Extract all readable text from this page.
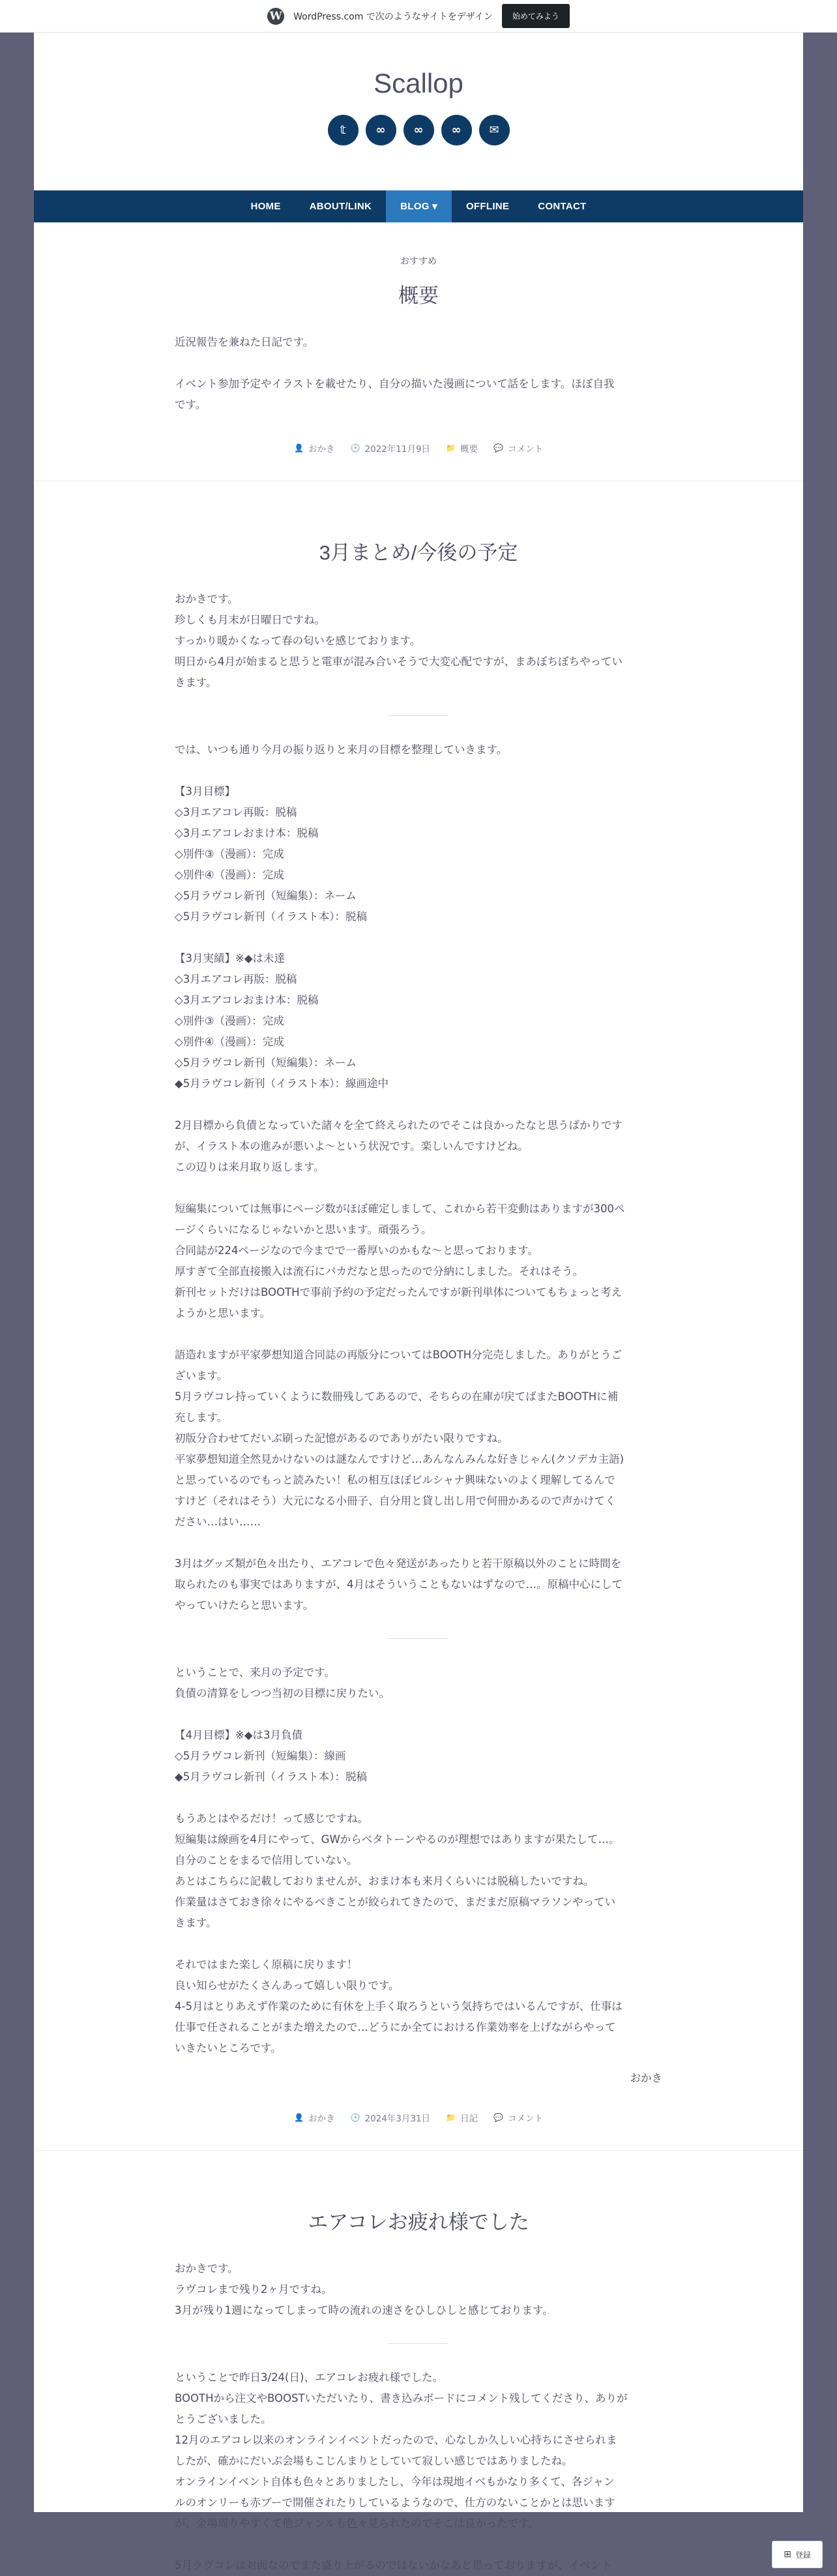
W WordPress.com で次のようなサイトをデザイン	始めてみよう
Scallop
𝕥	∞	∞	∞	✉
HOME	ABOUT/LINK	BLOG ▾	OFFLINE	CONTACT
おすすめ
概要
近況報告を兼ねた日記です。
イベント参加予定やイラストを載せたり、自分の描いた漫画について話をします。ほぼ自我
です。
👤 おかき 🕒 2022年11月9日 📁 概要 💬 コメント
3月まとめ/今後の予定
おかきです。
珍しくも月末が日曜日ですね。
すっかり暖かくなって春の匂いを感じております。
明日から4月が始まると思うと電車が混み合いそうで大変心配ですが、まあぼちぼちやってい
きます。
では、いつも通り今月の振り返りと来月の目標を整理していきます。
【3月目標】
◇3月エアコレ再販：脱稿
◇3月エアコレおまけ本：脱稿
◇別件③（漫画）：完成
◇別件④（漫画）：完成
◇5月ラヴコレ新刊（短編集）：ネーム
◇5月ラヴコレ新刊（イラスト本）：脱稿
【3月実績】※◆は未達
◇3月エアコレ再版：脱稿
◇3月エアコレおまけ本：脱稿
◇別件③（漫画）：完成
◇別件④（漫画）：完成
◇5月ラヴコレ新刊（短編集）：ネーム
◆5月ラヴコレ新刊（イラスト本）：線画途中
2月目標から負債となっていた諸々を全て終えられたのでそこは良かったなと思うばかりです
が、イラスト本の進みが悪いよ～という状況です。楽しいんですけどね。
この辺りは来月取り返します。
短編集については無事にページ数がほぼ確定しまして、これから若干変動はありますが300ペ
ージくらいになるじゃないかと思います。頑張ろう。
合同誌が224ページなので今までで一番厚いのかもな～と思っております。
厚すぎて全部直接搬入は流石にバカだなと思ったので分納にしました。それはそう。
新刊セットだけはBOOTHで事前予約の予定だったんですが新刊単体についてもちょっと考え
ようかと思います。
語造れますが平家夢想知道合同誌の再版分についてはBOOTH分完売しました。ありがとうご
ざいます。
5月ラヴコレ持っていくように数冊残してあるので、そちらの在庫が戻てばまたBOOTHに補
充します。
初版分合わせてだいぶ刷った記憶があるのでありがたい限りですね。
平家夢想知道全然見かけないのは謎なんですけど…あんなんみんな好きじゃん(クソデカ主語)
と思っているのでもっと読みたい！私の相互ほぼビルシャナ興味ないのよく理解してるんで
すけど（それはそう）大元になる小冊子、自分用と貸し出し用で何冊かあるので声かけてく
ださい…はい……
3月はグッズ類が色々出たり、エアコレで色々発送があったりと若干原稿以外のことに時間を
取られたのも事実ではありますが、4月はそういうこともないはずなので…。原稿中心にして
やっていけたらと思います。
ということで、来月の予定です。
負債の清算をしつつ当初の目標に戻りたい。
【4月目標】※◆は3月負債
◇5月ラヴコレ新刊（短編集）：線画
◆5月ラヴコレ新刊（イラスト本）：脱稿
もうあとはやるだけ！って感じですね。
短編集は線画を4月にやって、GWからベタトーンやるのが理想ではありますが果たして…。
自分のことをまるで信用していない。
あとはこちらに記載しておりませんが、おまけ本も来月くらいには脱稿したいですね。
作業量はさておき徐々にやるべきことが絞られてきたので、まだまだ原稿マラソンやってい
きます。
それではまた楽しく原稿に戻ります！
良い知らせがたくさんあって嬉しい限りです。
4-5月はとりあえず作業のために有休を上手く取ろうという気持ちではいるんですが、仕事は
仕事で任されることがまた増えたので…どうにか全てにおける作業効率を上げながらやって
いきたいところです。
おかき
👤 おかき 🕒 2024年3月31日 📁 日記 💬 コメント
エアコレお疲れ様でした
おかきです。
ラヴコレまで残り2ヶ月ですね。
3月が残り1週になってしまって時の流れの速さをひしひしと感じております。
ということで昨日3/24(日)、エアコレお疲れ様でした。
BOOTHから注文やBOOSTいただいたり、書き込みボードにコメント残してくださり、ありが
とうございました。
12月のエアコレ以来のオンラインイベントだったので、心なしか久しい心持ちにさせられま
したが、確かにだいぶ会場もこじんまりとしていて寂しい感じではありましたね。
オンラインイベント自体も色々とありましたし、今年は現地イベもかなり多くて、各ジャン
ルのオンリーも赤ブーで開催されたりしているようなので、仕方のないことかとは思います
が、金場周りやすくて他ジャンルも色々見られたのでそこは良かったです。
5月ラヴコレは対面なのでまた盛り上がるのではないかなあと思っておりますが、イベント
⊞ 登録
